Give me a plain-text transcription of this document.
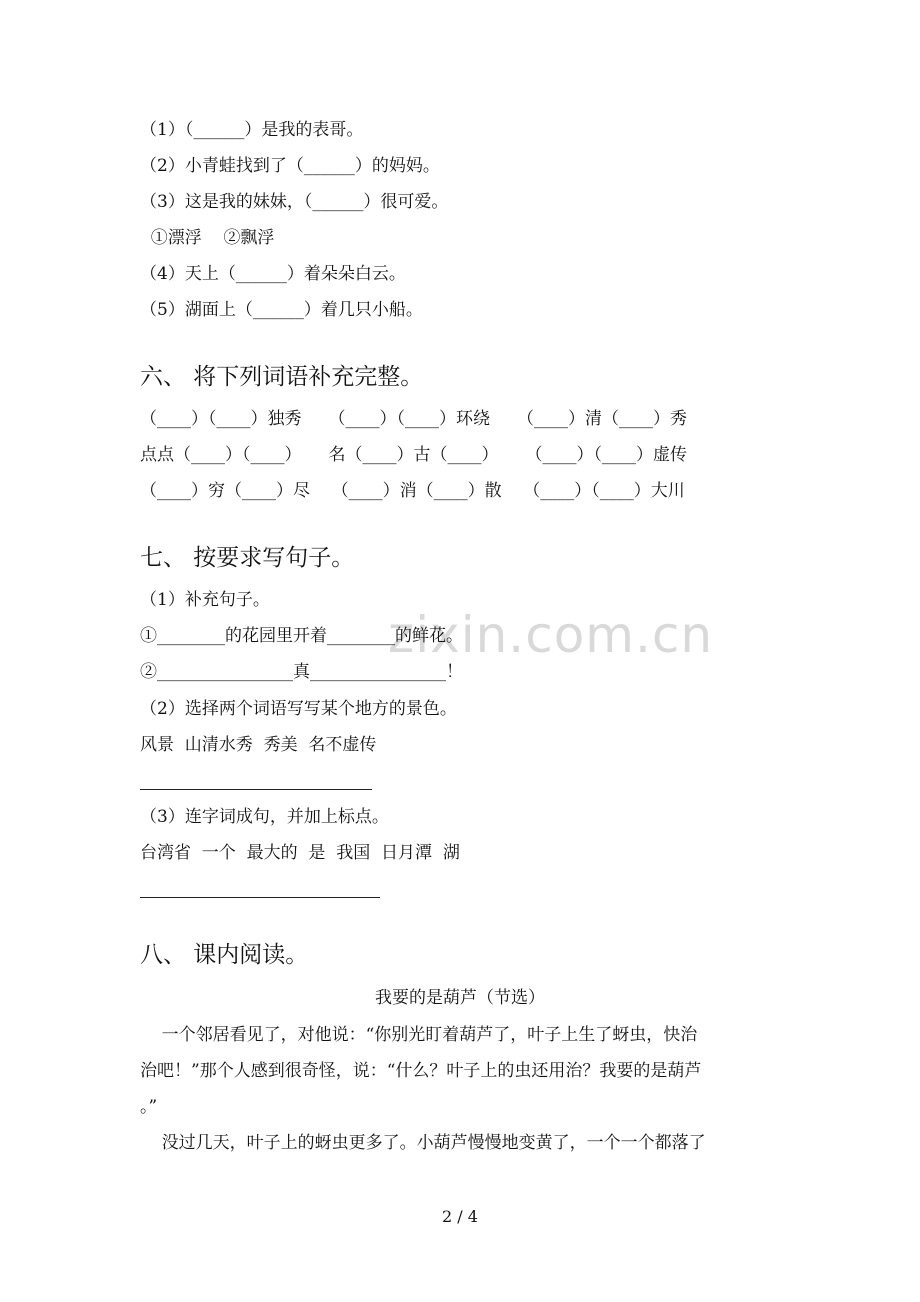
zixin.com.cn
（1）（______）是我的表哥。
（2）小青蛙找到了（______）的妈妈。
（3）这是我的妹妹，（______）很可爱。
①漂浮    ②飘浮
（4）天上（______）着朵朵白云。
（5）湖面上（______）着几只小船。
六、 将下列词语补充完整。
（____）（____）独秀     （____）（____）环绕     （____）清（____）秀
点点（____）（____）     名（____）古（____）     （____）（____）虚传
（____）穷（____）尽    （____）消（____）散    （____）（____）大川
七、 按要求写句子。
（1）补充句子。
①________的花园里开着________的鲜花。
②________________真________________！
（2）选择两个词语写写某个地方的景色。
风景  山清水秀  秀美  名不虚传
（3）连字词成句，并加上标点。
台湾省  一个  最大的  是  我国  日月潭  湖
八、 课内阅读。
我要的是葫芦（节选）
一个邻居看见了，对他说：“你别光盯着葫芦了，叶子上生了蚜虫，快治
治吧！”那个人感到很奇怪，说：“什么？叶子上的虫还用治？我要的是葫芦
。”
没过几天，叶子上的蚜虫更多了。小葫芦慢慢地变黄了，一个一个都落了
2 / 4
